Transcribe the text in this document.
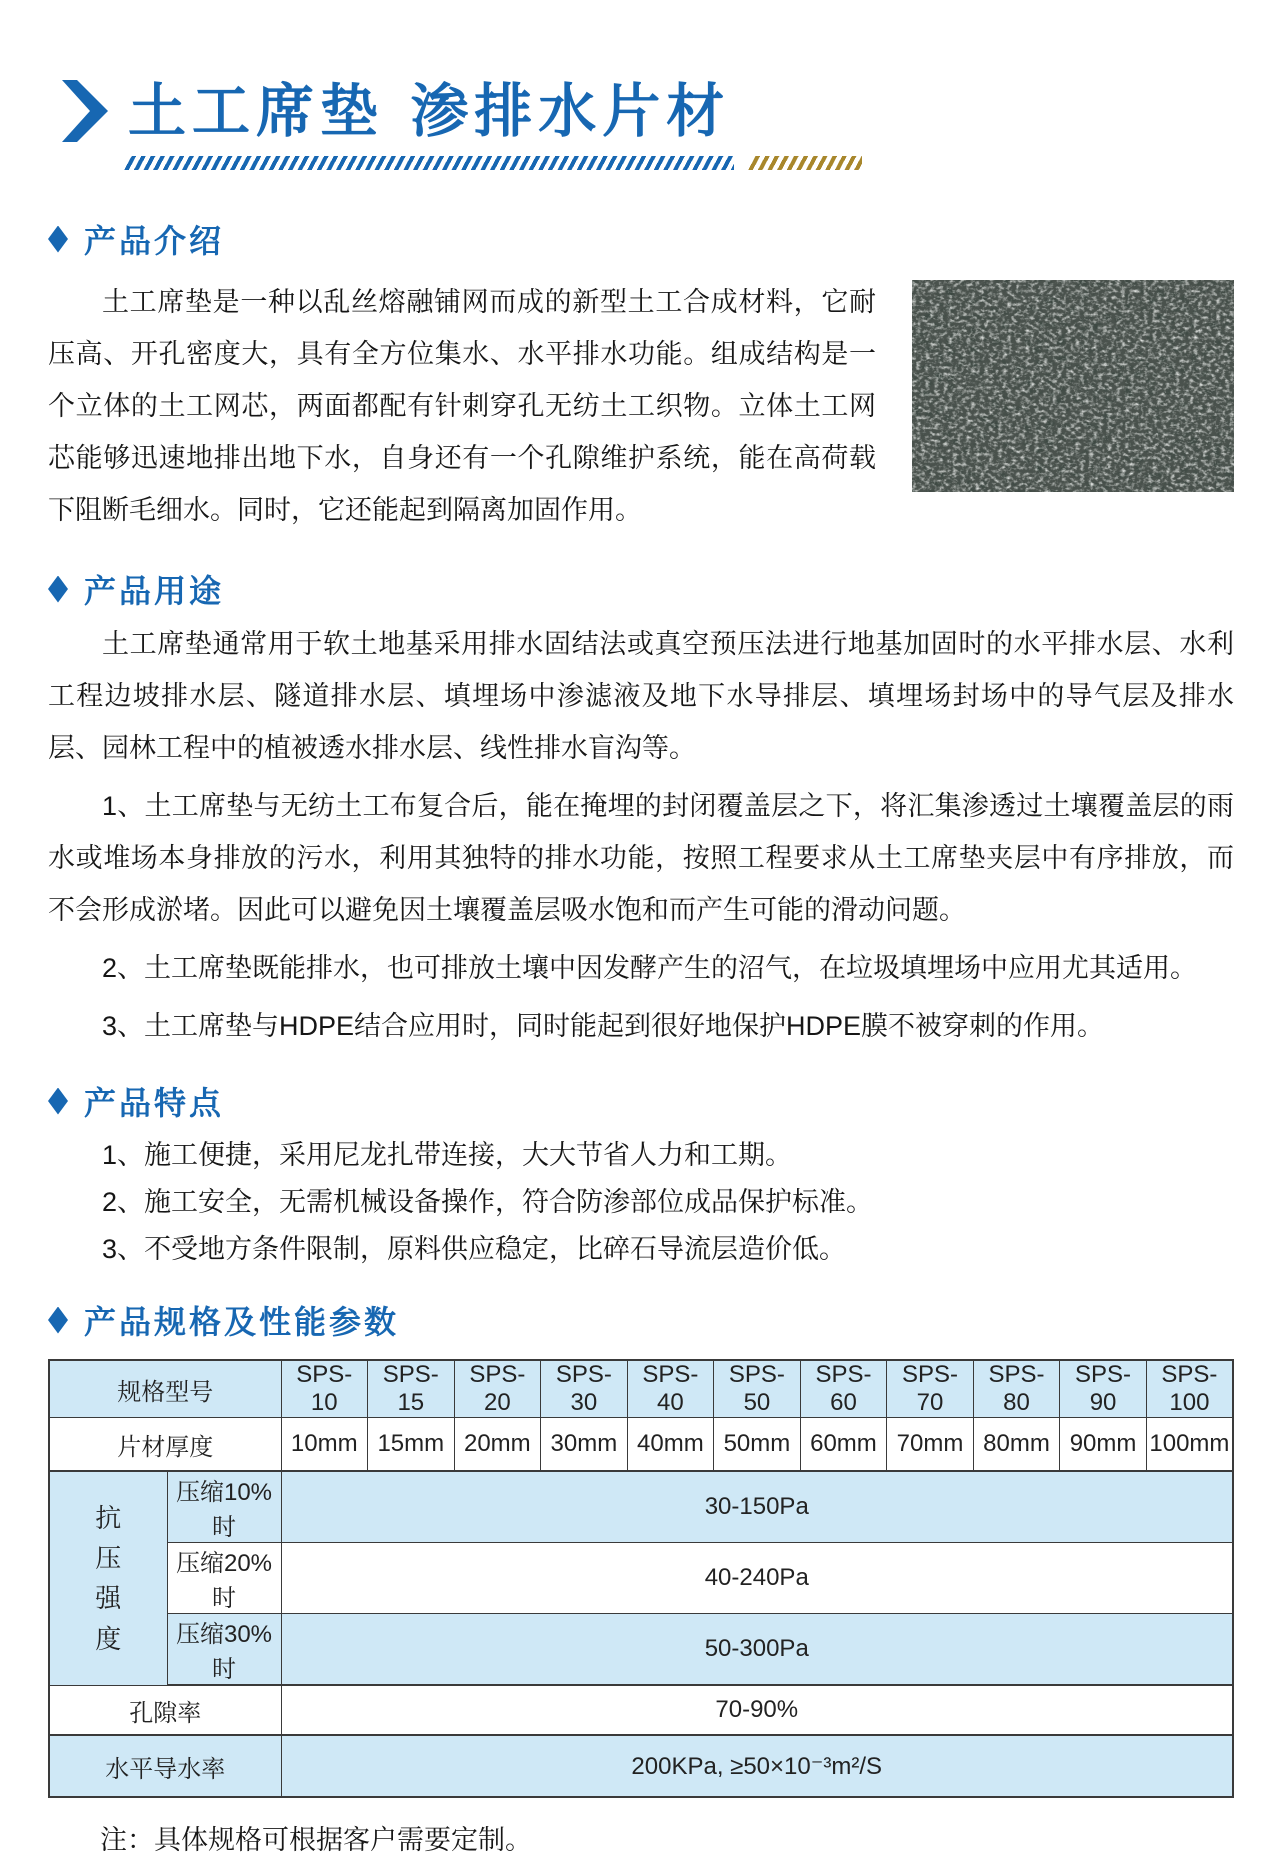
土工席垫 渗排水片材
产品介绍

土工席垫是一种以乱丝熔融铺网而成的新型土工合成材料，它耐压高、开孔密度大，具有全方位集水、水平排水功能。组成结构是一个立体的土工网芯，两面都配有针刺穿孔无纺土工织物。立体土工网芯能够迅速地排出地下水，自身还有一个孔隙维护系统，能在高荷载下阻断毛细水。同时，它还能起到隔离加固作用。

产品用途

土工席垫通常用于软土地基采用排水固结法或真空预压法进行地基加固时的水平排水层、水利工程边坡排水层、隧道排水层、填埋场中渗滤液及地下水导排层、填埋场封场中的导气层及排水层、园林工程中的植被透水排水层、线性排水盲沟等。

1、土工席垫与无纺土工布复合后，能在掩埋的封闭覆盖层之下，将汇集渗透过土壤覆盖层的雨水或堆场本身排放的污水，利用其独特的排水功能，按照工程要求从土工席垫夹层中有序排放，而不会形成淤堵。因此可以避免因土壤覆盖层吸水饱和而产生可能的滑动问题。

2、土工席垫既能排水，也可排放土壤中因发酵产生的沼气，在垃圾填埋场中应用尤其适用。

3、土工席垫与HDPE结合应用时，同时能起到很好地保护HDPE膜不被穿刺的作用。

产品特点

1、施工便捷，采用尼龙扎带连接，大大节省人力和工期。

2、施工安全，无需机械设备操作，符合防渗部位成品保护标准。

3、不受地方条件限制，原料供应稳定，比碎石导流层造价低。

产品规格及性能参数
规格型号		SPS-10	SPS-15	SPS-20	SPS-30	SPS-40	SPS-50	SPS-60	SPS-70	SPS-80	SPS-90	SPS-100
片材厚度		10mm	15mm	20mm	30mm	40mm	50mm	60mm	70mm	80mm	90mm	100mm

抗压强度	压缩10%时	30-150Pa										
	压缩20%时	40-240Pa										
	压缩30%时	50-300Pa										
孔隙率		70-90%										
水平导水率		200KPa, ≥50×10⁻³m²/S										

注：具体规格可根据客户需要定制。
